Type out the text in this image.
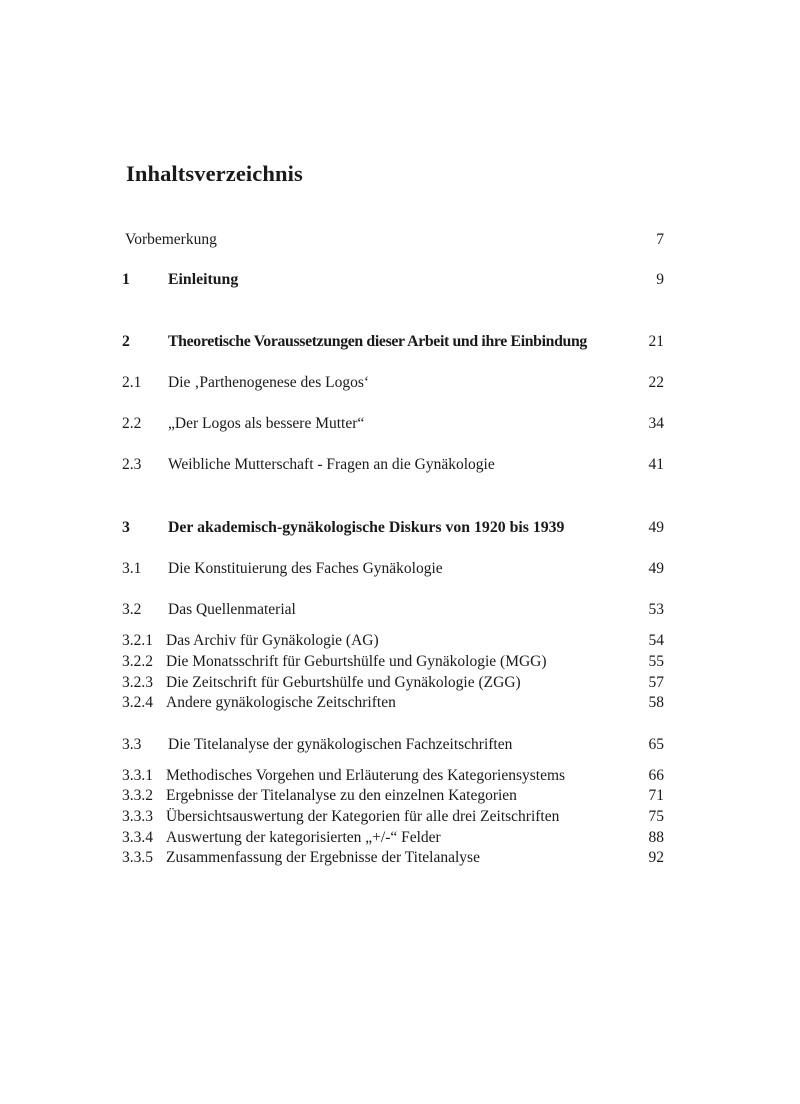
Inhaltsverzeichnis
Vorbemerkung	7
1 Einleitung	9
2 Theoretische Voraussetzungen dieser Arbeit und ihre Einbindung	21
2.1 Die ‚Parthenogenese des Logos‘	22
2.2 „Der Logos als bessere Mutter“	34
2.3 Weibliche Mutterschaft - Fragen an die Gynäkologie	41
3 Der akademisch-gynäkologische Diskurs von 1920 bis 1939	49
3.1 Die Konstituierung des Faches Gynäkologie	49
3.2 Das Quellenmaterial	53
3.2.1 Das Archiv für Gynäkologie (AG)	54
3.2.2 Die Monatsschrift für Geburtshülfe und Gynäkologie (MGG)	55
3.2.3 Die Zeitschrift für Geburtshülfe und Gynäkologie (ZGG)	57
3.2.4 Andere gynäkologische Zeitschriften	58
3.3 Die Titelanalyse der gynäkologischen Fachzeitschriften	65
3.3.1 Methodisches Vorgehen und Erläuterung des Kategoriensystems	66
3.3.2 Ergebnisse der Titelanalyse zu den einzelnen Kategorien	71
3.3.3 Übersichtsauswertung der Kategorien für alle drei Zeitschriften	75
3.3.4 Auswertung der kategorisierten „+/-“ Felder	88
3.3.5 Zusammenfassung der Ergebnisse der Titelanalyse	92
